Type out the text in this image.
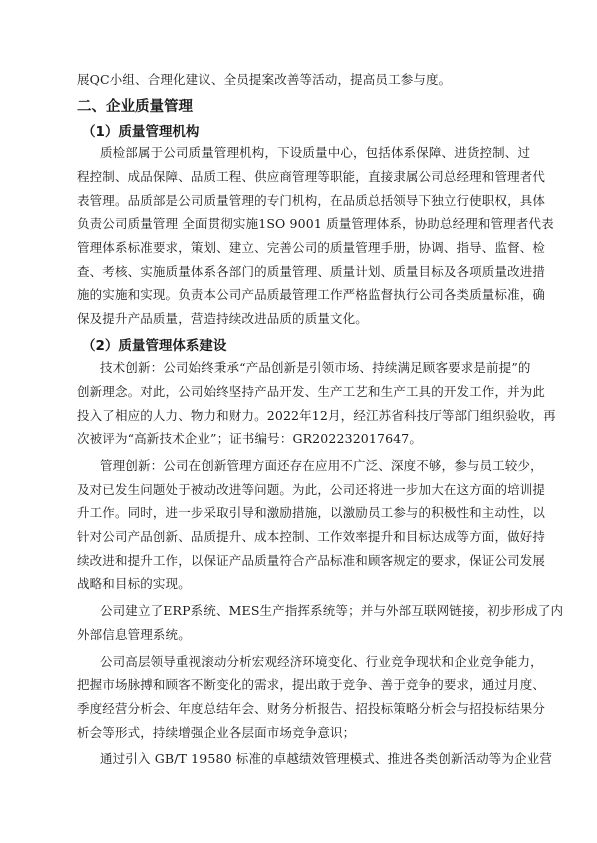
展QC小组、合理化建议、全员提案改善等活动，提高员工参与度。
二、企业质量管理
（1）质量管理机构
质检部属于公司质量管理机构，下设质量中心，包括体系保障、进货控制、过
程控制、成品保障、品质工程、供应商管理等职能，直接隶属公司总经理和管理者代
表管理。品质部是公司质量管理的专门机构，在品质总括领导下独立行使职权，具体
负责公司质量管理 全面贯彻实施1SO 9001 质量管理体系，协助总经理和管理者代表
管理体系标准要求，策划、建立、完善公司的质量管理手册，协调、指导、监督、检
查、考核、实施质量体系各部门的质量管理、质量计划、质量目标及各项质量改进措
施的实施和实现。负责本公司产品质最管理工作严格监督执行公司各类质量标准，确
保及提升产品质量，营造持续改进品质的质量文化。
（2）质量管理体系建设
技术创新：公司始终秉承“产品创新是引领市场、持续满足顾客要求是前提”的
创新理念。对此，公司始终坚持产品开发、生产工艺和生产工具的开发工作，并为此
投入了相应的人力、物力和财力。2022年12月，经江苏省科技厅等部门组织验收，再
次被评为“高新技术企业”；证书编号：GR202232017647。
管理创新：公司在创新管理方面还存在应用不广泛、深度不够，参与员工较少，
及对已发生问题处于被动改进等问题。为此，公司还将进一步加大在这方面的培训提
升工作。同时，进一步采取引导和激励措施，以激励员工参与的积极性和主动性，以
针对公司产品创新、品质提升、成本控制、工作效率提升和目标达成等方面，做好持
续改进和提升工作，以保证产品质量符合产品标准和顾客规定的要求，保证公司发展
战略和目标的实现。
公司建立了ERP系统、MES生产指挥系统等；并与外部互联网链接，初步形成了内
外部信息管理系统。
公司高层领导重视滚动分析宏观经济环境变化、行业竞争现状和企业竞争能力，
把握市场脉搏和顾客不断变化的需求，提出敢于竞争、善于竞争的要求，通过月度、
季度经营分析会、年度总结年会、财务分析报告、招投标策略分析会与招投标结果分
析会等形式，持续增强企业各层面市场竞争意识；
通过引入 GB/T 19580 标准的卓越绩效管理模式、推进各类创新活动等为企业营
